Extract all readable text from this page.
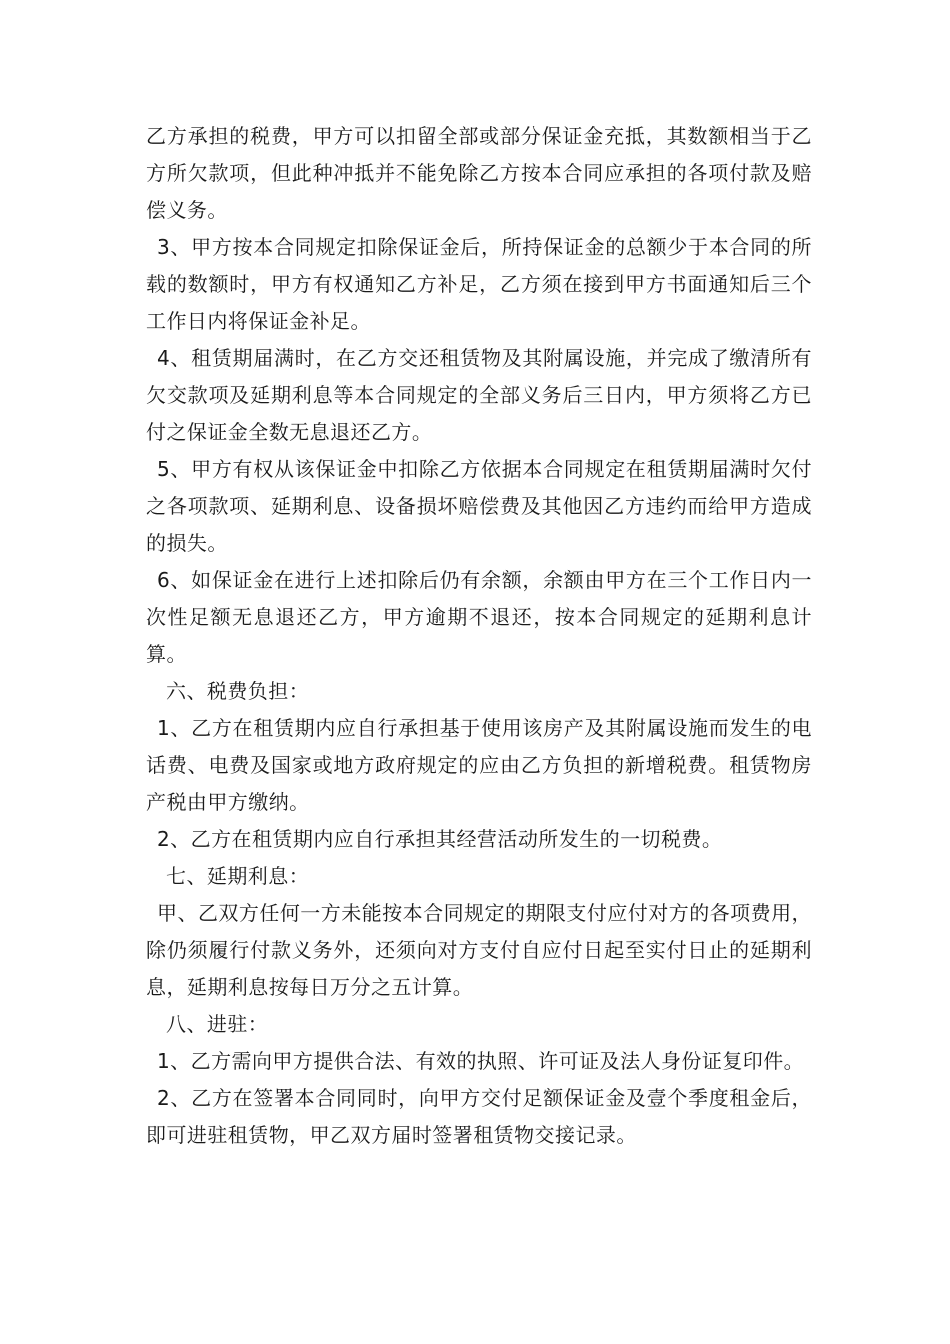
乙方承担的税费，甲方可以扣留全部或部分保证金充抵，其数额相当于乙方所欠款项，但此种冲抵并不能免除乙方按本合同应承担的各项付款及赔偿义务。

3、甲方按本合同规定扣除保证金后，所持保证金的总额少于本合同的所载的数额时，甲方有权通知乙方补足，乙方须在接到甲方书面通知后三个工作日内将保证金补足。

4、租赁期届满时，在乙方交还租赁物及其附属设施，并完成了缴清所有欠交款项及延期利息等本合同规定的全部义务后三日内，甲方须将乙方已付之保证金全数无息退还乙方。

5、甲方有权从该保证金中扣除乙方依据本合同规定在租赁期届满时欠付之各项款项、延期利息、设备损坏赔偿费及其他因乙方违约而给甲方造成的损失。

6、如保证金在进行上述扣除后仍有余额，余额由甲方在三个工作日内一次性足额无息退还乙方，甲方逾期不退还，按本合同规定的延期利息计算。

六、税费负担：

1、乙方在租赁期内应自行承担基于使用该房产及其附属设施而发生的电话费、电费及国家或地方政府规定的应由乙方负担的新增税费。租赁物房产税由甲方缴纳。

2、乙方在租赁期内应自行承担其经营活动所发生的一切税费。

七、延期利息：

甲、乙双方任何一方未能按本合同规定的期限支付应付对方的各项费用，除仍须履行付款义务外，还须向对方支付自应付日起至实付日止的延期利息，延期利息按每日万分之五计算。

八、进驻：

1、乙方需向甲方提供合法、有效的执照、许可证及法人身份证复印件。

2、乙方在签署本合同同时，向甲方交付足额保证金及壹个季度租金后，即可进驻租赁物，甲乙双方届时签署租赁物交接记录。
